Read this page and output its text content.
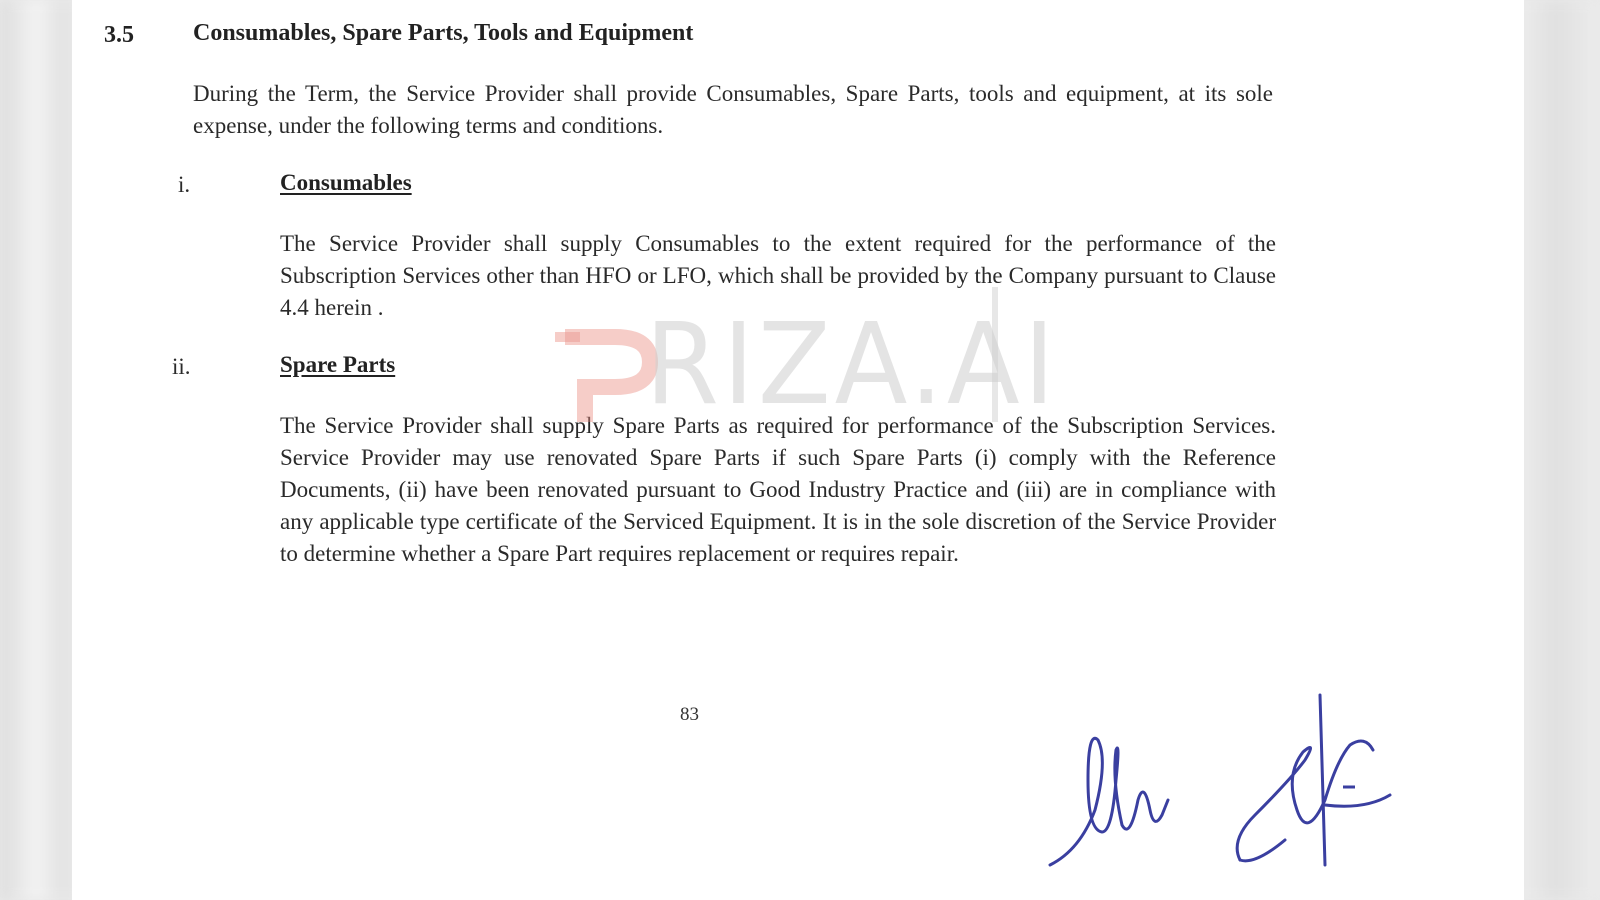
3.5 Consumables, Spare Parts, Tools and Equipment
During the Term, the Service Provider shall provide Consumables, Spare Parts, tools and equipment, at its sole expense, under the following terms and conditions.
i.	Consumables
The Service Provider shall supply Consumables to the extent required for the performance of the Subscription Services other than HFO or LFO, which shall be provided by the Company pursuant to Clause 4.4 herein .
ii.	Spare Parts
The Service Provider shall supply Spare Parts as required for performance of the Subscription Services. Service Provider may use renovated Spare Parts if such Spare Parts (i) comply with the Reference Documents, (ii) have been renovated pursuant to Good Industry Practice and (iii) are in compliance with any applicable type certificate of the Serviced Equipment. It is in the sole discretion of the Service Provider to determine whether a Spare Part requires replacement or requires repair.
RIZA.AI
83
